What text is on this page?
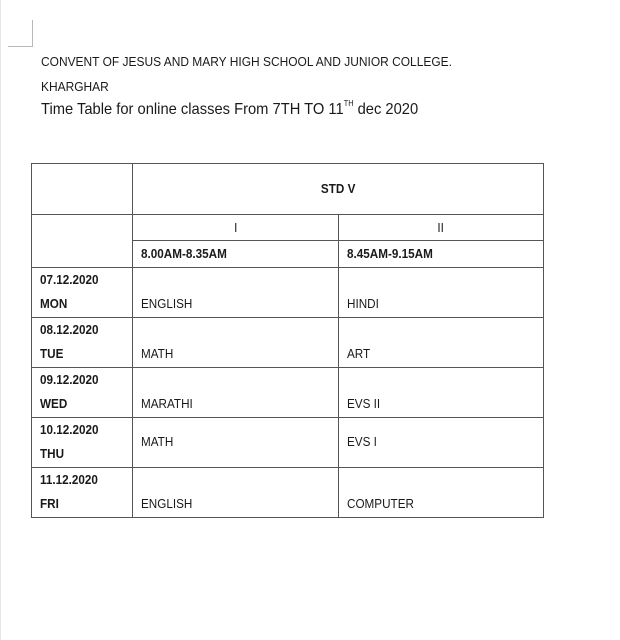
CONVENT OF JESUS AND MARY HIGH SCHOOL AND JUNIOR COLLEGE.
KHARGHAR
Time Table for online classes From 7TH TO 11TH dec 2020
	STD V	
	I	II
	8.00AM-8.35AM	8.45AM-9.15AM

07.12.2020
MON	ENGLISH	HINDI

08.12.2020
TUE	MATH	ART

09.12.2020
WED	MARATHI	EVS II

10.12.2020
THU	MATH	EVS I

11.12.2020
FRI	ENGLISH	COMPUTER
